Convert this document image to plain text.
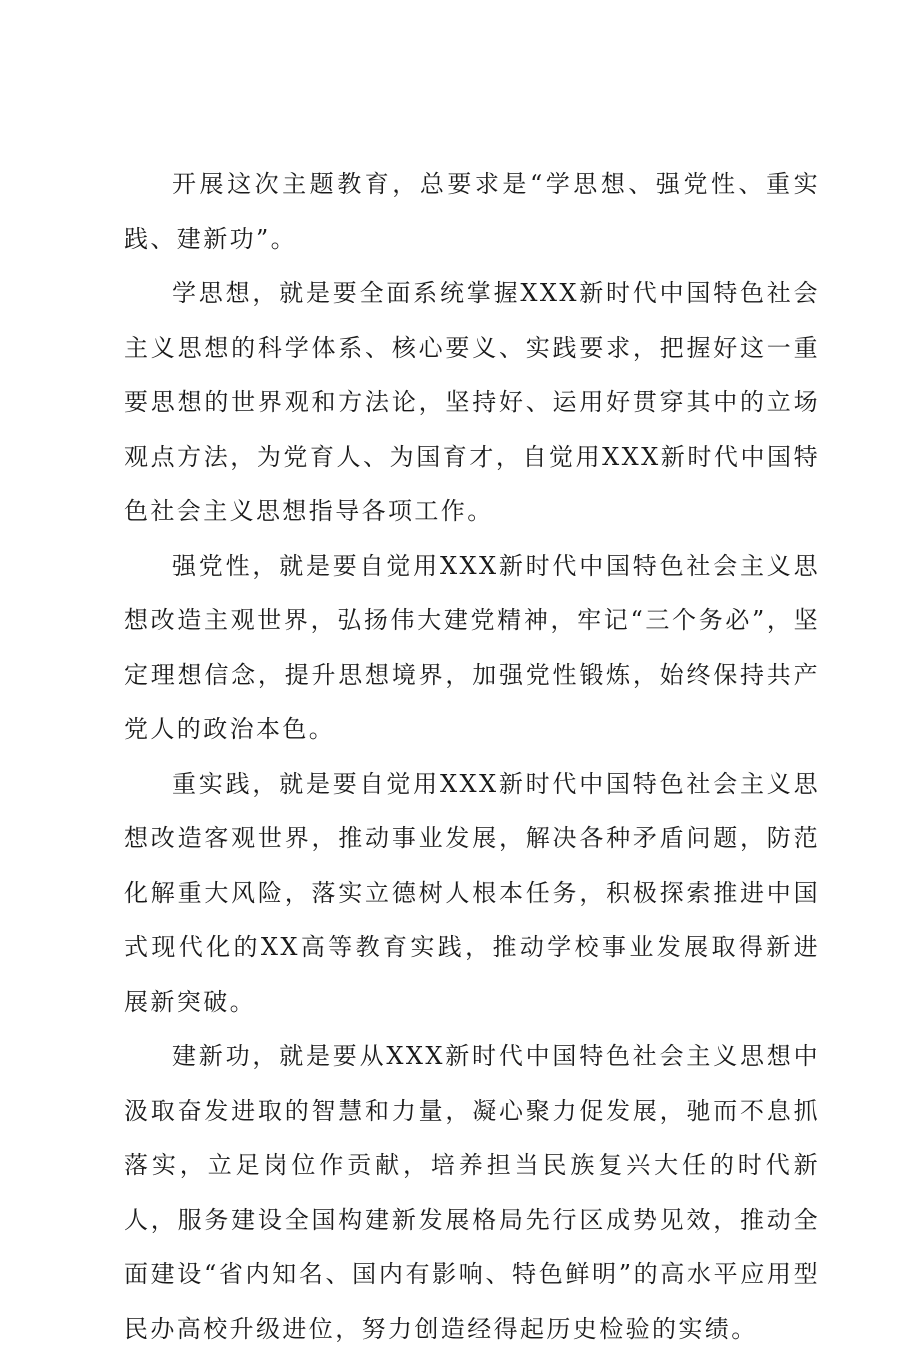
开展这次主题教育，总要求是“学思想、强党性、重实践、建新功”。

学思想，就是要全面系统掌握XXX新时代中国特色社会主义思想的科学体系、核心要义、实践要求，把握好这一重要思想的世界观和方法论，坚持好、运用好贯穿其中的立场观点方法，为党育人、为国育才，自觉用XXX新时代中国特色社会主义思想指导各项工作。

强党性，就是要自觉用XXX新时代中国特色社会主义思想改造主观世界，弘扬伟大建党精神，牢记“三个务必”，坚定理想信念，提升思想境界，加强党性锻炼，始终保持共产党人的政治本色。

重实践，就是要自觉用XXX新时代中国特色社会主义思想改造客观世界，推动事业发展，解决各种矛盾问题，防范化解重大风险，落实立德树人根本任务，积极探索推进中国式现代化的XX高等教育实践，推动学校事业发展取得新进展新突破。

建新功，就是要从XXX新时代中国特色社会主义思想中汲取奋发进取的智慧和力量，凝心聚力促发展，驰而不息抓落实，立足岗位作贡献，培养担当民族复兴大任的时代新人，服务建设全国构建新发展格局先行区成势见效，推动全面建设“省内知名、国内有影响、特色鲜明”的高水平应用型民办高校升级进位，努力创造经得起历史检验的实绩。
